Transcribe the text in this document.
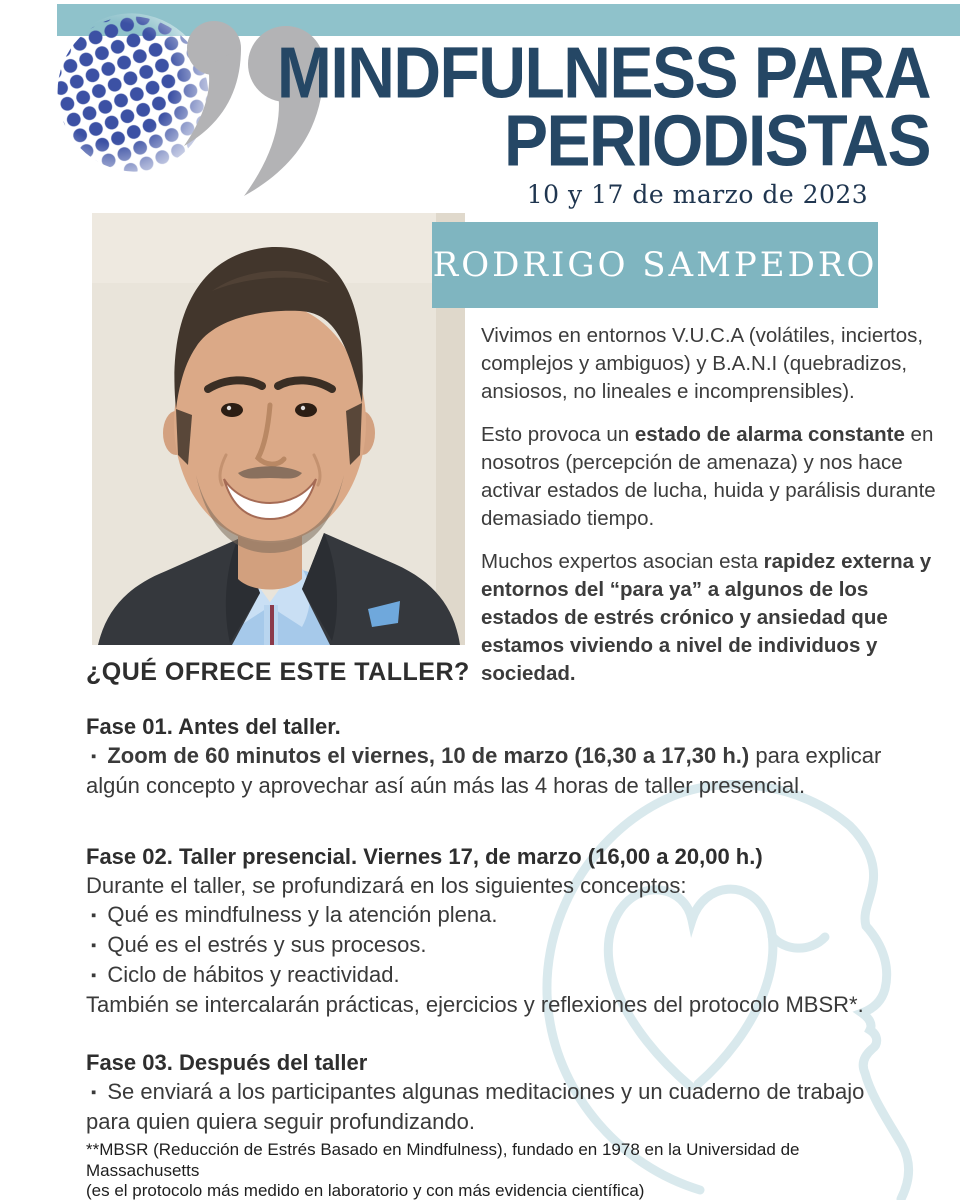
MINDFULNESS PARA
PERIODISTAS

10 y 17 de marzo de 2023

RODRIGO SAMPEDRO

Vivimos en entornos V.U.C.A (volátiles, inciertos, complejos y ambiguos) y B.A.N.I (quebradizos, ansiosos, no lineales e incomprensibles).

Esto provoca un estado de alarma constante en nosotros (percepción de amenaza) y nos hace activar estados de lucha, huida y parálisis durante demasiado tiempo.

Muchos expertos asocian esta rapidez externa y entornos del “para ya” a algunos de los estados de estrés crónico y ansiedad que estamos viviendo a nivel de individuos y sociedad.

¿QUÉ OFRECE ESTE TALLER?

Fase 01. Antes del taller.

▪ Zoom de 60 minutos el viernes, 10 de marzo (16,30 a 17,30 h.) para explicar algún concepto y aprovechar así aún más las 4 horas de taller presencial.

Fase 02. Taller presencial. Viernes 17, de marzo (16,00 a 20,00 h.)

Durante el taller, se profundizará en los siguientes conceptos:

▪ Qué es mindfulness y la atención plena.
▪ Qué es el estrés y sus procesos.
▪ Ciclo de hábitos y reactividad.

También se intercalarán prácticas, ejercicios y reflexiones del protocolo MBSR*.

Fase 03. Después del taller

▪ Se enviará a los participantes algunas meditaciones y un cuaderno de trabajo para quien quiera seguir profundizando.

**MBSR (Reducción de Estrés Basado en Mindfulness), fundado en 1978 en la Universidad de Massachusetts

(es el protocolo más medido en laboratorio y con más evidencia científica)
